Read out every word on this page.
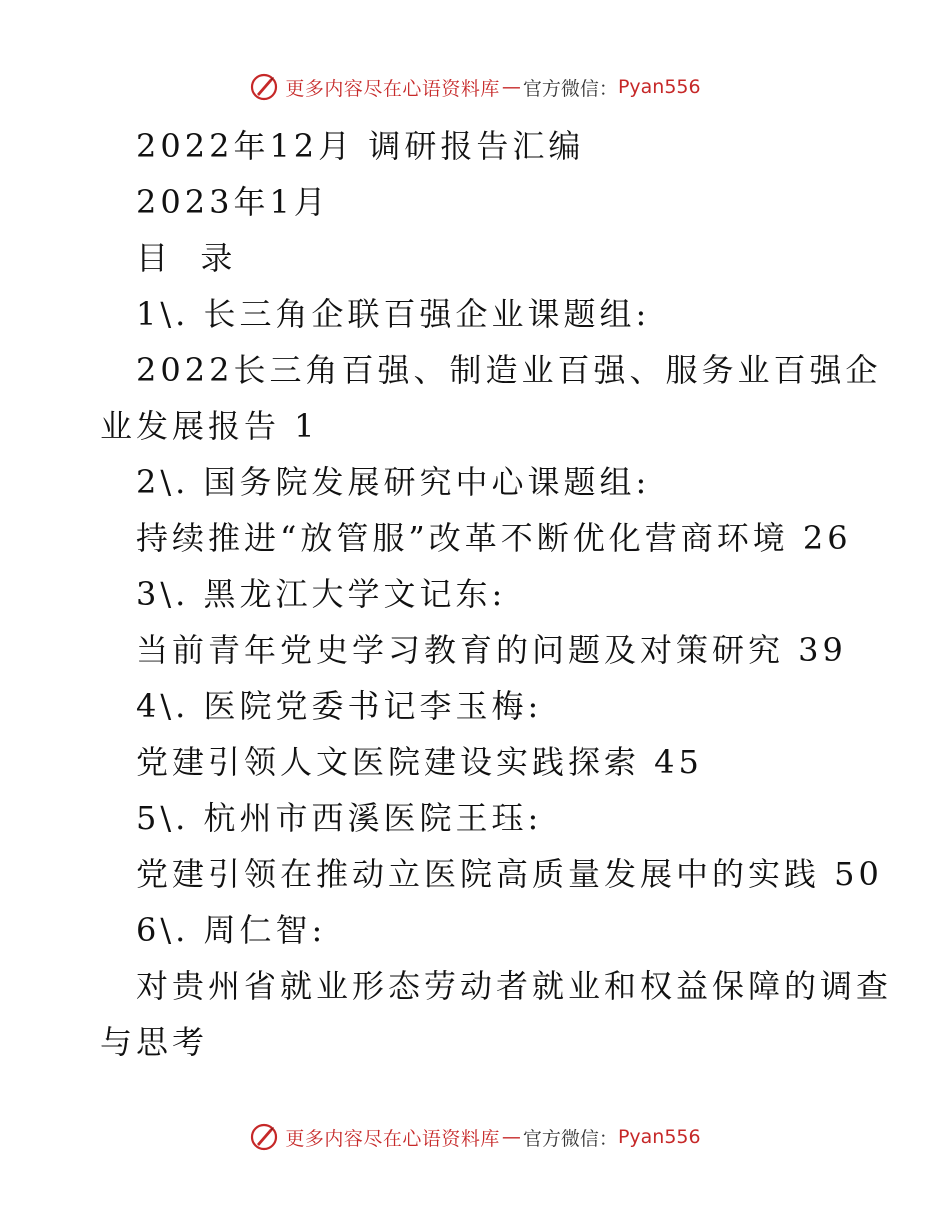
更多内容尽在心语资料库 — 官方微信： Pyan556

2022年12月 调研报告汇编

2023年1月

目  录

1\. 长三角企联百强企业课题组:

2022长三角百强、制造业百强、服务业百强企

业发展报告 1

2\. 国务院发展研究中心课题组:

持续推进“放管服”改革不断优化营商环境 26

3\. 黑龙江大学文记东:

当前青年党史学习教育的问题及对策研究 39

4\. 医院党委书记李玉梅:

党建引领人文医院建设实践探索 45

5\. 杭州市西溪医院王珏:

党建引领在推动立医院高质量发展中的实践 50

6\. 周仁智:

对贵州省就业形态劳动者就业和权益保障的调查

与思考

更多内容尽在心语资料库 — 官方微信： Pyan556
